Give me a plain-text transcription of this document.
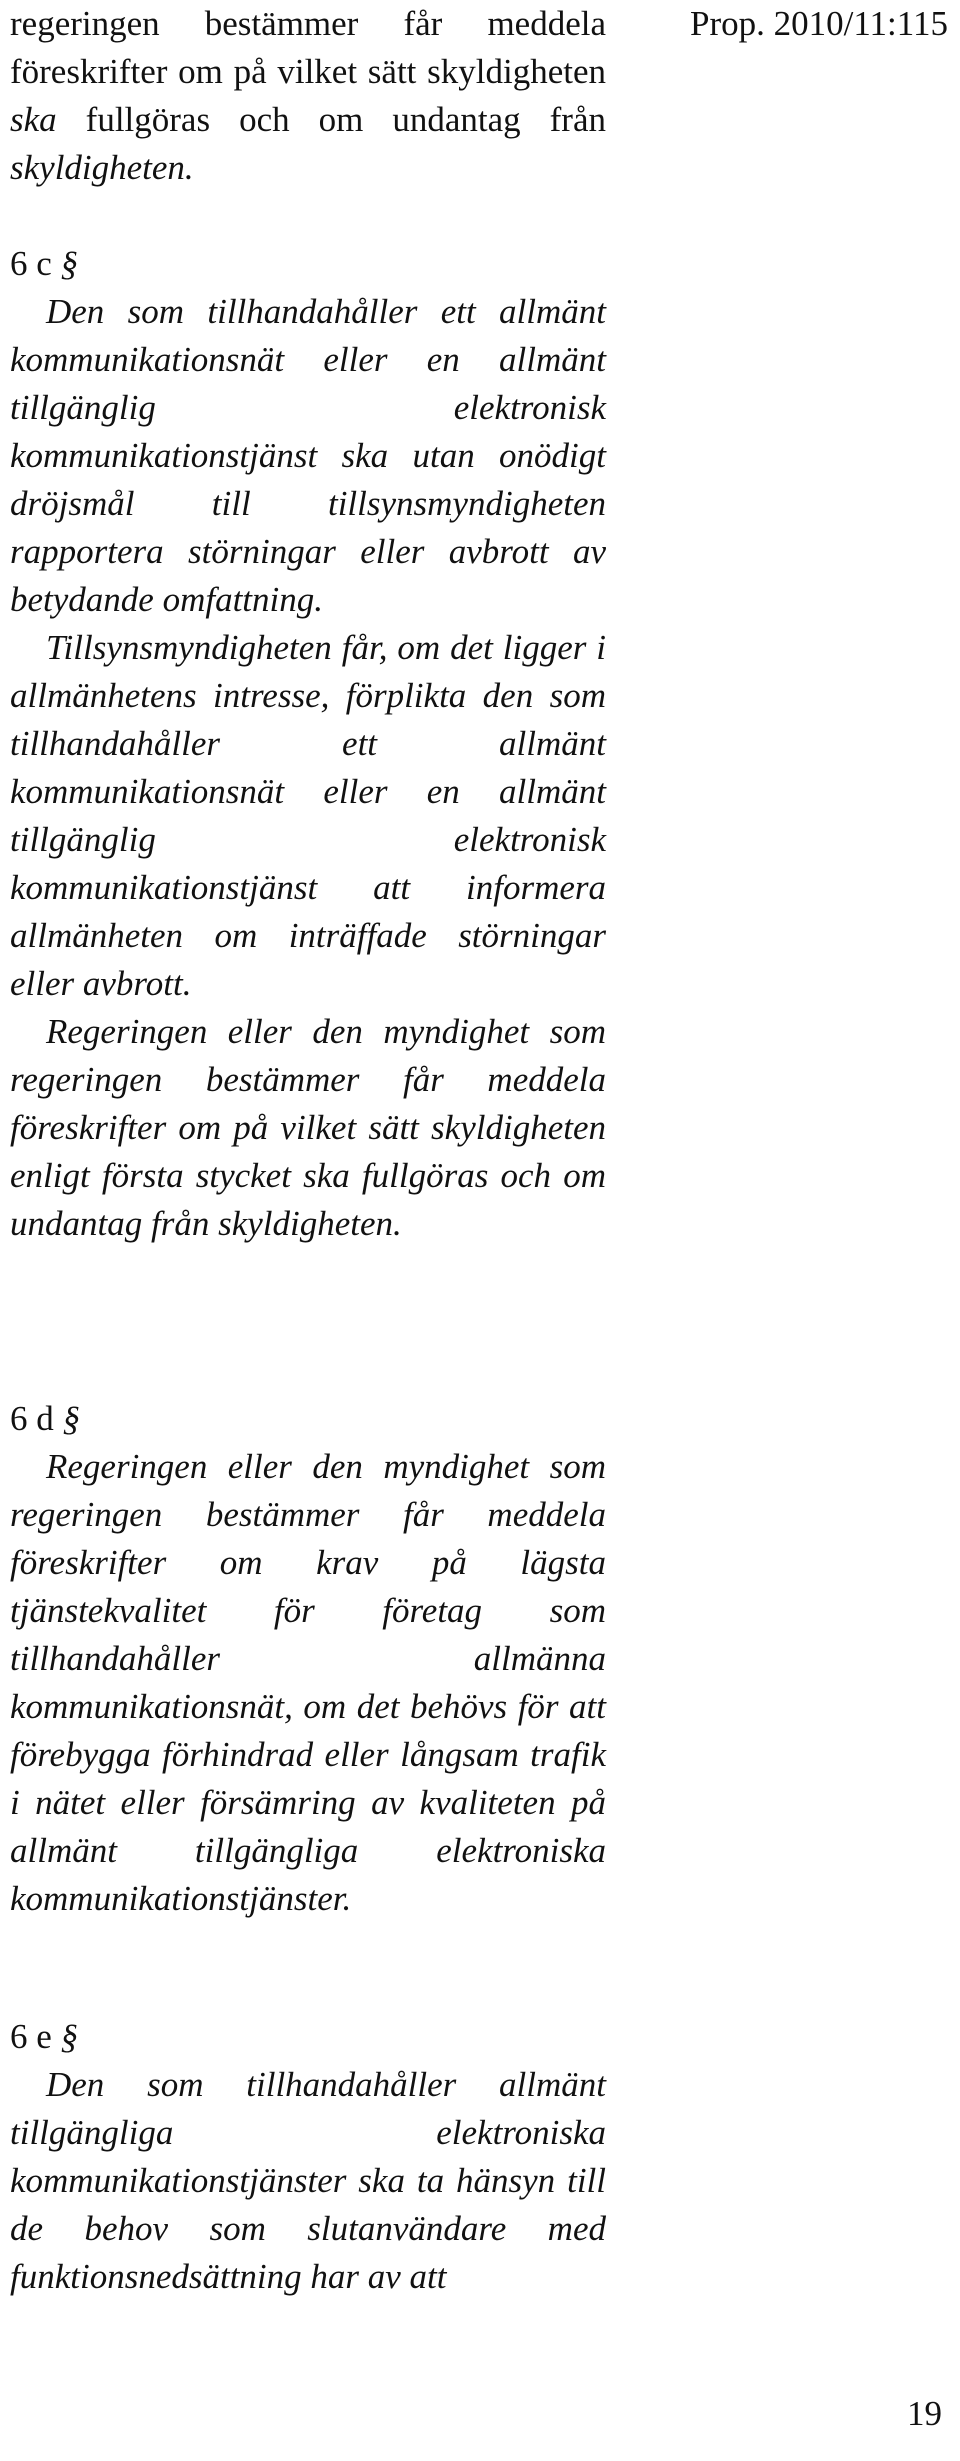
Prop. 2010/11:115

regeringen bestämmer får meddela föreskrifter om på vilket sätt skyldigheten ska fullgöras och om undantag från skyldigheten.

6 c §

Den som tillhandahåller ett allmänt kommunikationsnät eller en allmänt tillgänglig elektronisk kommunikationstjänst ska utan onödigt dröjsmål till tillsynsmyndigheten rapportera störningar eller avbrott av betydande omfattning.

Tillsynsmyndigheten får, om det ligger i allmänhetens intresse, förplikta den som tillhandahåller ett allmänt kommunikationsnät eller en allmänt tillgänglig elektronisk kommunikationstjänst att informera allmänheten om inträffade störningar eller avbrott.

Regeringen eller den myndighet som regeringen bestämmer får meddela föreskrifter om på vilket sätt skyldigheten enligt första stycket ska fullgöras och om undantag från skyldigheten.

6 d §

Regeringen eller den myndighet som regeringen bestämmer får meddela föreskrifter om krav på lägsta tjänstekvalitet för företag som tillhandahåller allmänna kommunikationsnät, om det behövs för att förebygga förhindrad eller långsam trafik i nätet eller försämring av kvaliteten på allmänt tillgängliga elektroniska kommunikationstjänster.

6 e §

Den som tillhandahåller allmänt tillgängliga elektroniska kommunikationstjänster ska ta hänsyn till de behov som slutanvändare med funktionsnedsättning har av att

19
